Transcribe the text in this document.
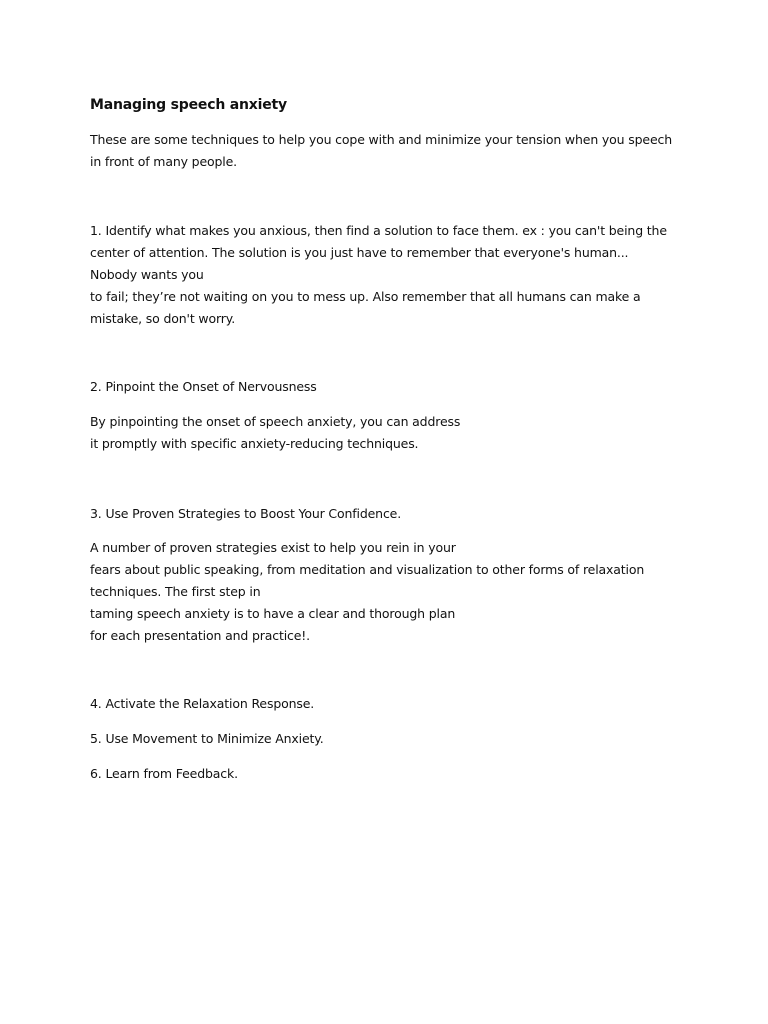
Managing speech anxiety

These are some techniques to help you cope with and minimize your tension when you speech

in front of many people.

1. Identify what makes you anxious, then find a solution to face them. ex : you can't being the

center of attention. The solution is you just have to remember that everyone's human...

Nobody wants you

to fail; they’re not waiting on you to mess up. Also remember that all humans can make a

mistake, so don't worry.

2. Pinpoint the Onset of Nervousness

By pinpointing the onset of speech anxiety, you can address

it promptly with specific anxiety-reducing techniques.

3. Use Proven Strategies to Boost Your Confidence.

A number of proven strategies exist to help you rein in your

fears about public speaking, from meditation and visualization to other forms of relaxation

techniques. The first step in

taming speech anxiety is to have a clear and thorough plan

for each presentation and practice!.

4. Activate the Relaxation Response.

5. Use Movement to Minimize Anxiety.

6. Learn from Feedback.
